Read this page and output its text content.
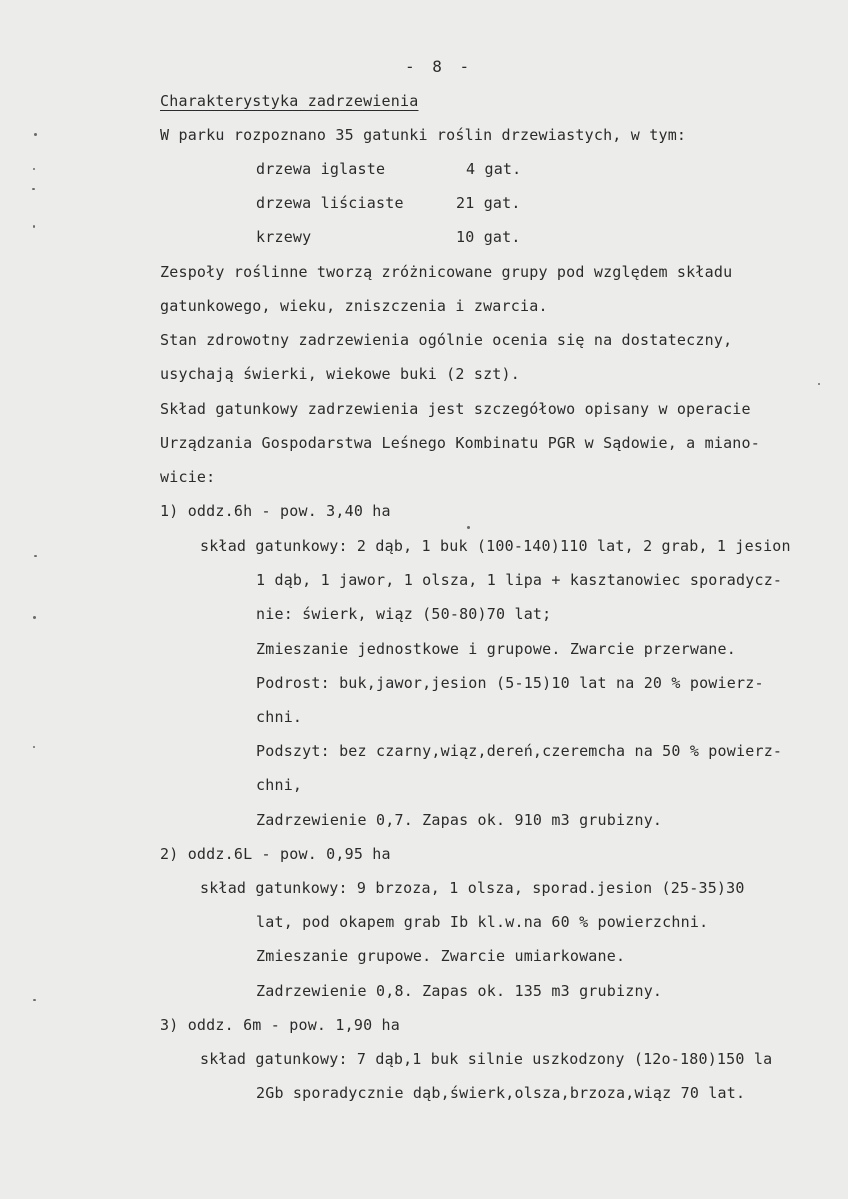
- 8 -
Charakterystyka zadrzewienia
W parku rozpoznano 35 gatunki roślin drzewiastych, w tym:
drzewa iglaste	4 gat.
drzewa liściaste	21 gat.
krzewy	10 gat.
Zespoły roślinne tworzą zróżnicowane grupy pod względem składu
gatunkowego, wieku, zniszczenia i zwarcia.
Stan zdrowotny zadrzewienia ogólnie ocenia się na dostateczny,
usychają świerki, wiekowe buki (2 szt).
Skład gatunkowy zadrzewienia jest szczegółowo opisany w operacie
Urządzania Gospodarstwa Leśnego Kombinatu PGR w Sądowie, a miano-
wicie:
1) oddz.6h - pow. 3,40 ha
skład gatunkowy: 2 dąb, 1 buk (100-140)110 lat, 2 grab, 1 jesion
1 dąb, 1 jawor, 1 olsza, 1 lipa + kasztanowiec sporadycz-
nie: świerk, wiąz (50-80)70 lat;
Zmieszanie jednostkowe i grupowe. Zwarcie przerwane.
Podrost: buk,jawor,jesion (5-15)10 lat na 20 % powierz-
chni.
Podszyt: bez czarny,wiąz,dereń,czeremcha na 50 % powierz-
chni,
Zadrzewienie 0,7. Zapas ok. 910 m3 grubizny.
2) oddz.6L - pow. 0,95 ha
skład gatunkowy: 9 brzoza, 1 olsza, sporad.jesion (25-35)30
lat, pod okapem grab Ib kl.w.na 60 % powierzchni.
Zmieszanie grupowe. Zwarcie umiarkowane.
Zadrzewienie 0,8. Zapas ok. 135 m3 grubizny.
3) oddz. 6m - pow. 1,90 ha
skład gatunkowy: 7 dąb,1 buk silnie uszkodzony (12o-180)150 la
2Gb sporadycznie dąb,świerk,olsza,brzoza,wiąz 70 lat.
